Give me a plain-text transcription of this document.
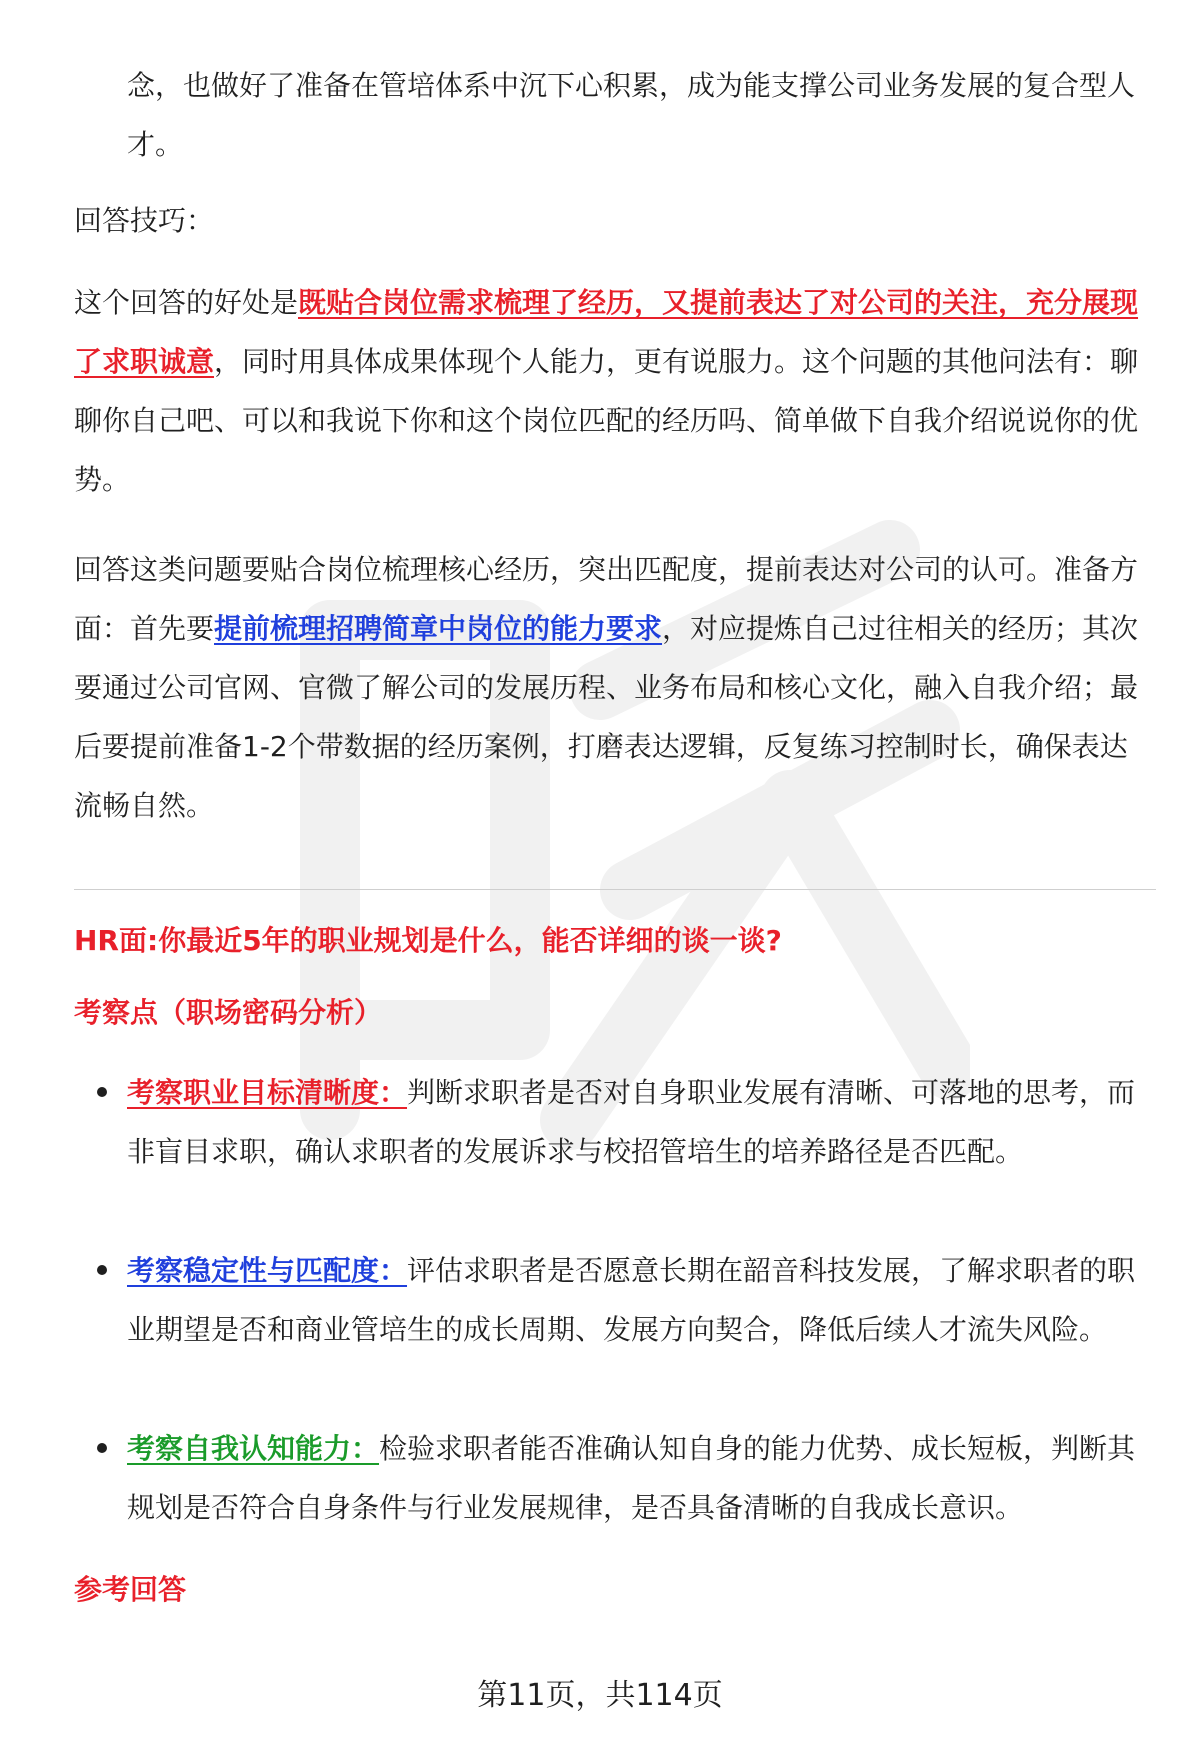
念，也做好了准备在管培体系中沉下心积累，成为能支撑公司业务发展的复合型人才。

回答技巧：

这个回答的好处是既贴合岗位需求梳理了经历，又提前表达了对公司的关注，充分展现了求职诚意，同时用具体成果体现个人能力，更有说服力。这个问题的其他问法有：聊聊你自己吧、可以和我说下你和这个岗位匹配的经历吗、简单做下自我介绍说说你的优势。

回答这类问题要贴合岗位梳理核心经历，突出匹配度，提前表达对公司的认可。准备方面：首先要提前梳理招聘简章中岗位的能力要求，对应提炼自己过往相关的经历；其次要通过公司官网、官微了解公司的发展历程、业务布局和核心文化，融入自我介绍；最后要提前准备1-2个带数据的经历案例，打磨表达逻辑，反复练习控制时长，确保表达流畅自然。

HR面:你最近5年的职业规划是什么，能否详细的谈一谈?

考察点（职场密码分析）

考察职业目标清晰度：判断求职者是否对自身职业发展有清晰、可落地的思考，而非盲目求职，确认求职者的发展诉求与校招管培生的培养路径是否匹配。

考察稳定性与匹配度：评估求职者是否愿意长期在韶音科技发展，了解求职者的职业期望是否和商业管培生的成长周期、发展方向契合，降低后续人才流失风险。

考察自我认知能力：检验求职者能否准确认知自身的能力优势、成长短板，判断其规划是否符合自身条件与行业发展规律，是否具备清晰的自我成长意识。

参考回答

第11页，共114页
